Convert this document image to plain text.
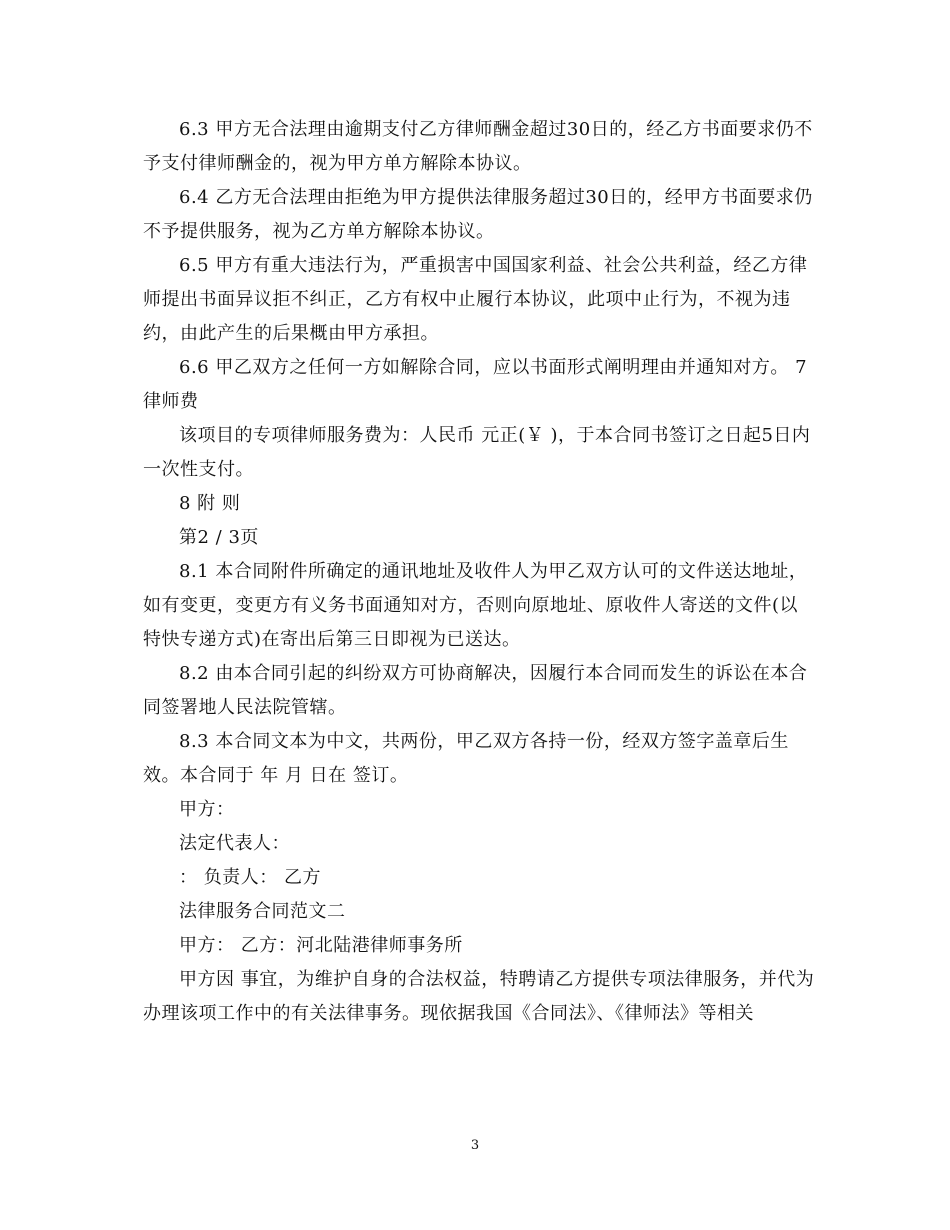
6.3 甲方无合法理由逾期支付乙方律师酬金超过30日的，经乙方书面要求仍不予支付律师酬金的，视为甲方单方解除本协议。

6.4 乙方无合法理由拒绝为甲方提供法律服务超过30日的，经甲方书面要求仍不予提供服务，视为乙方单方解除本协议。

6.5 甲方有重大违法行为，严重损害中国国家利益、社会公共利益，经乙方律师提出书面异议拒不纠正，乙方有权中止履行本协议，此项中止行为，不视为违约，由此产生的后果概由甲方承担。

6.6 甲乙双方之任何一方如解除合同，应以书面形式阐明理由并通知对方。 7 律师费

该项目的专项律师服务费为：人民币 元正(￥ )，于本合同书签订之日起5日内一次性支付。

8 附 则

第2 / 3页

8.1 本合同附件所确定的通讯地址及收件人为甲乙双方认可的文件送达地址，如有变更，变更方有义务书面通知对方，否则向原地址、原收件人寄送的文件(以特快专递方式)在寄出后第三日即视为已送达。

8.2 由本合同引起的纠纷双方可协商解决，因履行本合同而发生的诉讼在本合同签署地人民法院管辖。

8.3 本合同文本为中文，共两份，甲乙双方各持一份，经双方签字盖章后生效。本合同于 年 月 日在 签订。

甲方：

法定代表人：

： 负责人： 乙方

法律服务合同范文二

甲方： 乙方：河北陆港律师事务所

甲方因 事宜，为维护自身的合法权益，特聘请乙方提供专项法律服务，并代为办理该项工作中的有关法律事务。现依据我国《合同法》、《律师法》等相关

3
